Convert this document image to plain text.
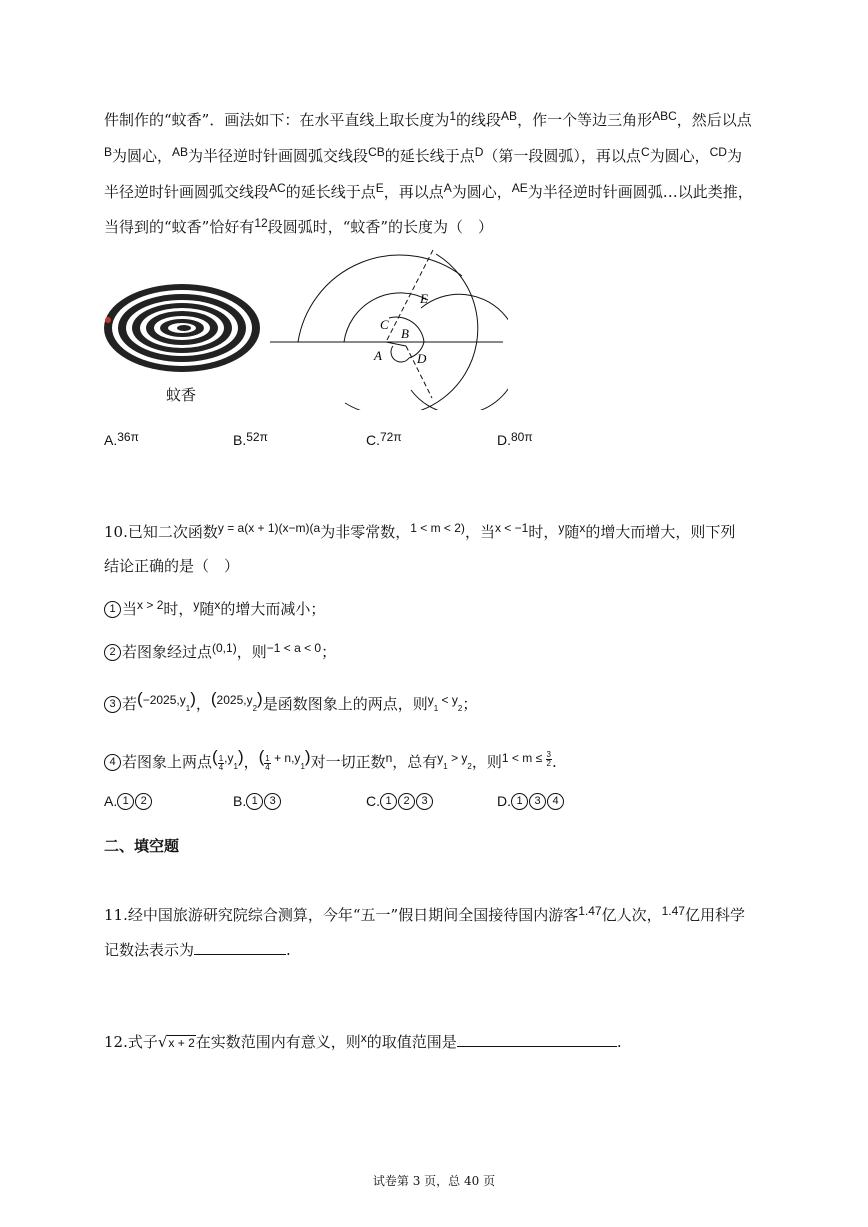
件制作的“蚊香”．画法如下：在水平直线上取长度为$^1$的线段$^{AB}$，作一个等边三角形$^{ABC}$，然后以点
$^B$为圆心，$^{AB}$为半径逆时针画圆弧交线段$^{CB}$的延长线于点$^D$（第一段圆弧），再以点$^C$为圆心，$^{CD}$为
半径逆时针画圆弧交线段$^{AC}$的延长线于点$^E$，再以点$^A$为圆心，$^{AE}$为半径逆时针画圆弧…以此类推，
当得到的“蚊香”恰好有$^{12}$段圆弧时，“蚊香”的长度为（　）
蚊香
E
C
B
A	D
A.36π	B.52π	C.72π	D.80π
10.已知二次函数$^{y = a(x + 1)(x-m)(a}$为非零常数，$^{1 < m < 2)}$，当$^{x < -1}$时，$^y$随$^x$的增大而增大，则下列
结论正确的是（　）
1 当$^{x > 2}$时，$^y$随$^x$的增大而减小；
2 若图象经过点$^{(0,1)}$，则$^{-1 < a < 0}$；
3 若($^{-2025,y}_1$)，($^{2025,y}_2$)是函数图象上的两点，则$^y_1$ $^{< y}_2$；
4 若图象上两点( $\frac{1}{4} ^{,y}_1$)，( $\frac{1}{4} ^{+ n,y}_1$)对一切正数$^n$，总有$^y_1$ $^{> y}_2$，则$^{1 < m \le} \frac{3}{2}$ .
A. 1 2	B. 1 3	C. 1 2 3	D. 1 3 4
二、填空题
11.经中国旅游研究院综合测算，今年“五一”假日期间全国接待国内游客$^{1.47}$亿人次，$^{1.47}$亿用科学
记数法表示为	.
12.式子√x + 2在实数范围内有意义，则$^x$的取值范围是	.
试卷第 3 页，总 40 页
